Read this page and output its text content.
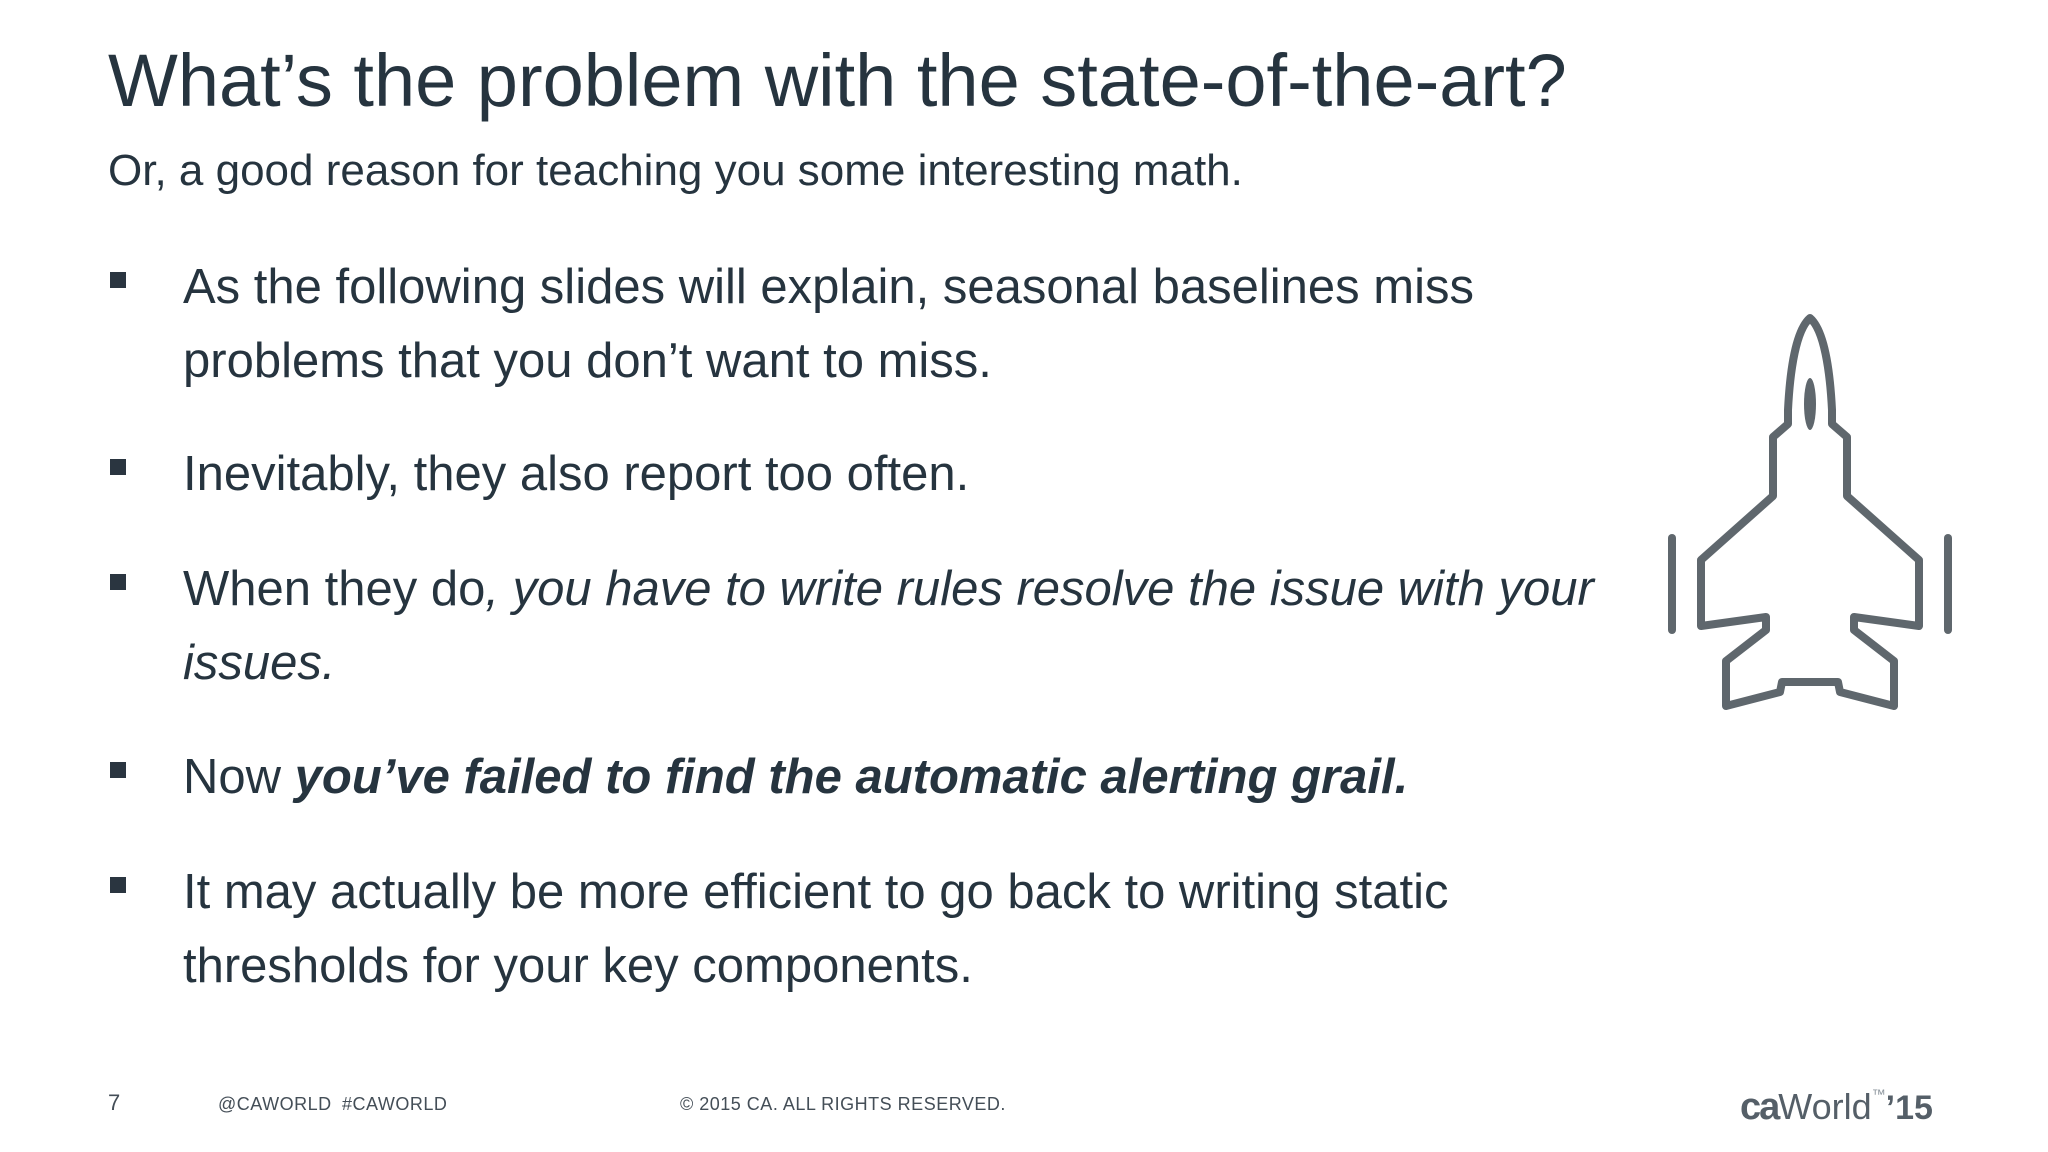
What’s the problem with the state-of-the-art?

Or, a good reason for teaching you some interesting math.

As the following slides will explain, seasonal baselines miss problems that you don’t want to miss.
Inevitably, they also report too often.
When they do, you have to write rules resolve the issue with your issues.
Now you’ve failed to find the automatic alerting grail.
It may actually be more efficient to go back to writing static thresholds for your key components.
7	@CAWORLD #CAWORLD	© 2015 CA. ALL RIGHTS RESERVED.	caWorld™’15
